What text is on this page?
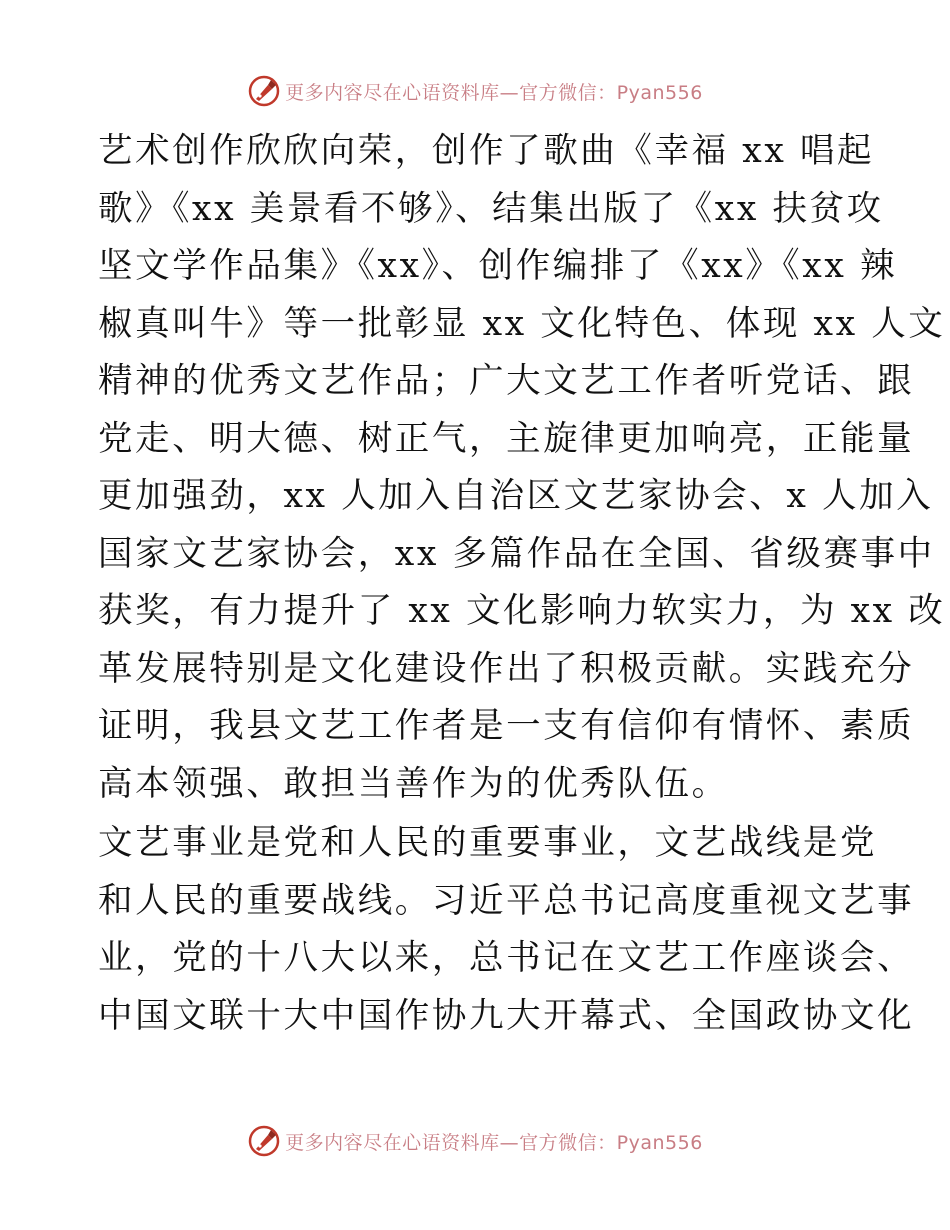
更多内容尽在心语资料库—官方微信：Pyan556
艺术创作欣欣向荣，创作了歌曲《幸福 xx 唱起
歌》《xx 美景看不够》、结集出版了《xx 扶贫攻
坚文学作品集》《xx》、创作编排了《xx》《xx 辣
椒真叫牛》等一批彰显 xx 文化特色、体现 xx 人文
精神的优秀文艺作品；广大文艺工作者听党话、跟
党走、明大德、树正气，主旋律更加响亮，正能量
更加强劲，xx 人加入自治区文艺家协会、x 人加入
国家文艺家协会，xx 多篇作品在全国、省级赛事中
获奖，有力提升了 xx 文化影响力软实力，为 xx 改
革发展特别是文化建设作出了积极贡献。实践充分
证明，我县文艺工作者是一支有信仰有情怀、素质
高本领强、敢担当善作为的优秀队伍。
文艺事业是党和人民的重要事业，文艺战线是党
和人民的重要战线。习近平总书记高度重视文艺事
业，党的十八大以来，总书记在文艺工作座谈会、
中国文联十大中国作协九大开幕式、全国政协文化
更多内容尽在心语资料库—官方微信：Pyan556
